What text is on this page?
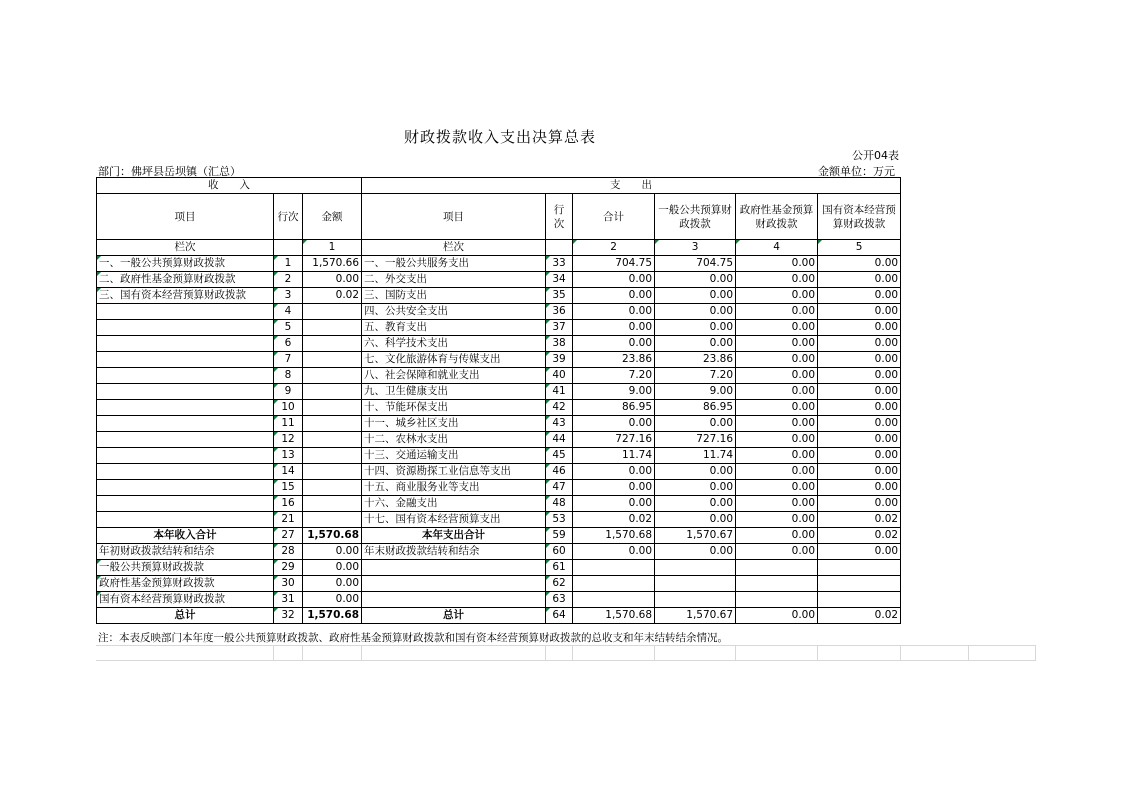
财政拨款收入支出决算总表
公开04表
部门：佛坪县岳坝镇（汇总）	金额单位：万元
收　　入			支　　出					
项目	行次	金额	项目	行次	合计	一般公共预算财政拨款	政府性基金预算财政拨款	国有资本经营预算财政拨款
栏次		1	栏次		2	3	4	5
一、一般公共预算财政拨款	1	1,570.66	一、一般公共服务支出	33	704.75	704.75	0.00	0.00
二、政府性基金预算财政拨款	2	0.00	二、外交支出	34	0.00	0.00	0.00	0.00
三、国有资本经营预算财政拨款	3	0.02	三、国防支出	35	0.00	0.00	0.00	0.00
	4		四、公共安全支出	36	0.00	0.00	0.00	0.00
	5		五、教育支出	37	0.00	0.00	0.00	0.00
	6		六、科学技术支出	38	0.00	0.00	0.00	0.00
	7		七、文化旅游体育与传媒支出	39	23.86	23.86	0.00	0.00
	8		八、社会保障和就业支出	40	7.20	7.20	0.00	0.00
	9		九、卫生健康支出	41	9.00	9.00	0.00	0.00
	10		十、节能环保支出	42	86.95	86.95	0.00	0.00
	11		十一、城乡社区支出	43	0.00	0.00	0.00	0.00
	12		十二、农林水支出	44	727.16	727.16	0.00	0.00
	13		十三、交通运输支出	45	11.74	11.74	0.00	0.00
	14		十四、资源勘探工业信息等支出	46	0.00	0.00	0.00	0.00
	15		十五、商业服务业等支出	47	0.00	0.00	0.00	0.00
	16		十六、金融支出	48	0.00	0.00	0.00	0.00
	21		十七、国有资本经营预算支出	53	0.02	0.00	0.00	0.02
本年收入合计	27	1,570.68	本年支出合计	59	1,570.68	1,570.67	0.00	0.02
年初财政拨款结转和结余	28	0.00	年末财政拨款结转和结余	60	0.00	0.00	0.00	0.00
一般公共预算财政拨款	29	0.00		61				
政府性基金预算财政拨款	30	0.00		62				
国有资本经营预算财政拨款	31	0.00		63				
总计	32	1,570.68	总计	64	1,570.68	1,570.67	0.00	0.02
注：本表反映部门本年度一般公共预算财政拨款、政府性基金预算财政拨款和国有资本经营预算财政拨款的总收支和年末结转结余情况。
